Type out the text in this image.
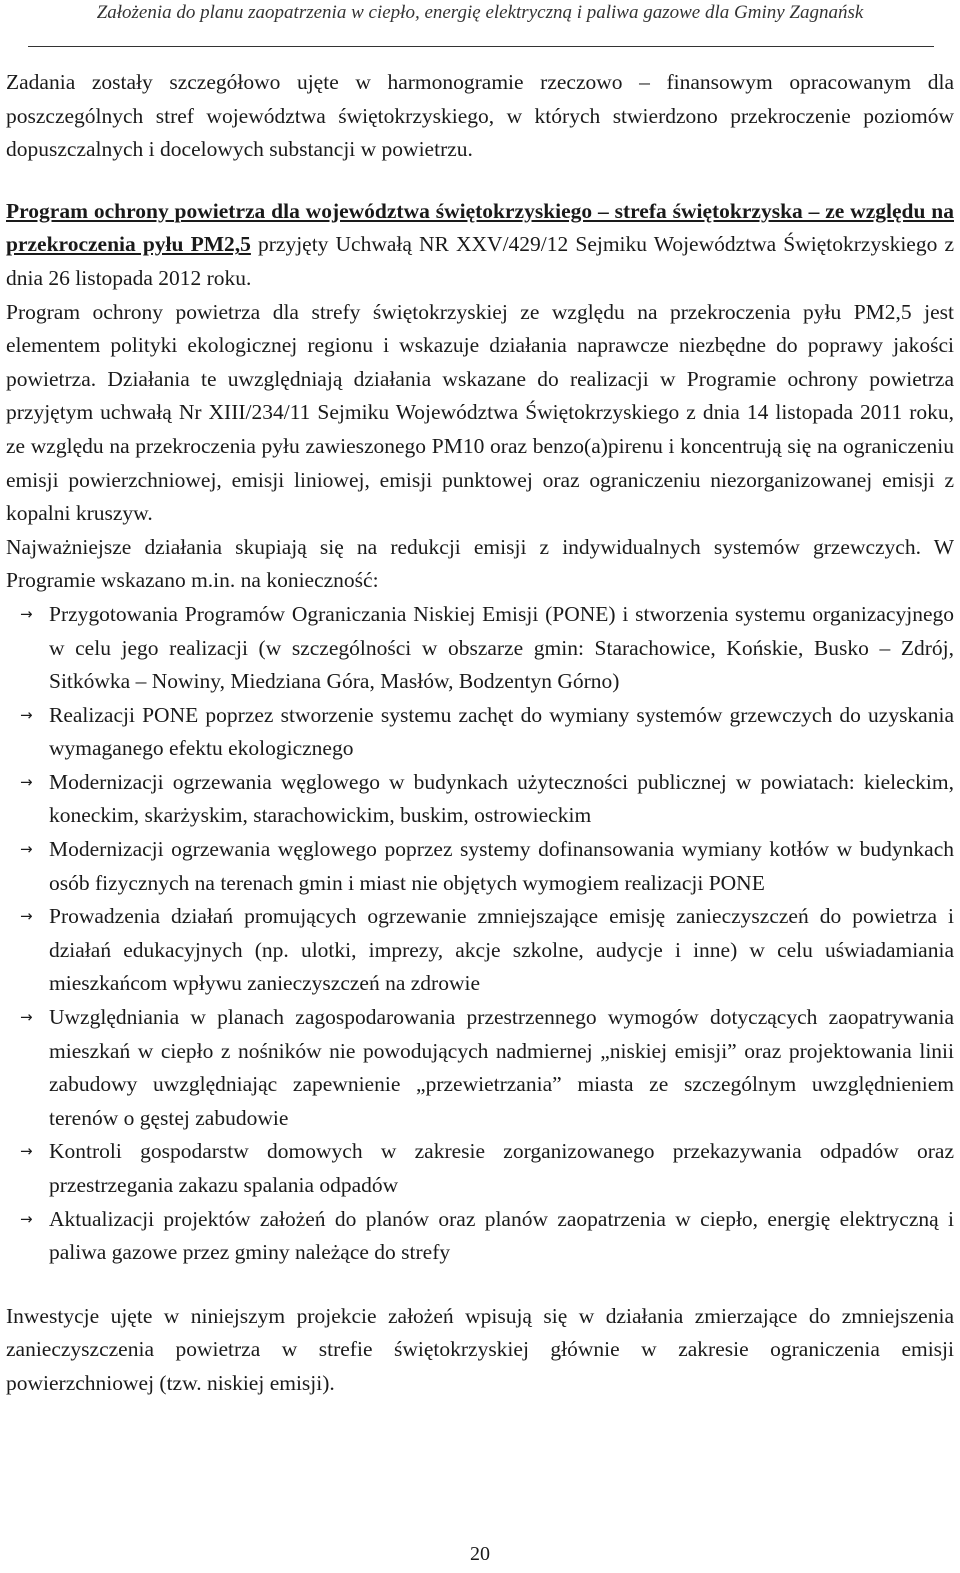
Założenia do planu zaopatrzenia w ciepło, energię elektryczną i paliwa gazowe dla Gminy Zagnańsk

Zadania zostały szczegółowo ujęte w harmonogramie rzeczowo – finansowym opracowanym dla poszczególnych stref województwa świętokrzyskiego, w których stwierdzono przekroczenie poziomów dopuszczalnych i docelowych substancji w powietrzu.

Program ochrony powietrza dla województwa świętokrzyskiego – strefa świętokrzyska – ze względu na przekroczenia pyłu PM2,5 przyjęty Uchwałą NR XXV/429/12 Sejmiku Województwa Świętokrzyskiego z dnia 26 listopada 2012 roku.

Program ochrony powietrza dla strefy świętokrzyskiej ze względu na przekroczenia pyłu PM2,5 jest elementem polityki ekologicznej regionu i wskazuje działania naprawcze niezbędne do poprawy jakości powietrza. Działania te uwzględniają działania wskazane do realizacji w Programie ochrony powietrza przyjętym uchwałą Nr XIII/234/11 Sejmiku Województwa Świętokrzyskiego z dnia 14 listopada 2011 roku, ze względu na przekroczenia pyłu zawieszonego PM10 oraz benzo(a)pirenu i koncentrują się na ograniczeniu emisji powierzchniowej, emisji liniowej, emisji punktowej oraz ograniczeniu niezorganizowanej emisji z kopalni kruszyw.

Najważniejsze działania skupiają się na redukcji emisji z indywidualnych systemów grzewczych. W Programie wskazano m.in. na konieczność:

→ Przygotowania Programów Ograniczania Niskiej Emisji (PONE) i stworzenia systemu organizacyjnego w celu jego realizacji (w szczególności w obszarze gmin: Starachowice, Końskie, Busko – Zdrój, Sitkówka – Nowiny, Miedziana Góra, Masłów, Bodzentyn Górno)
→ Realizacji PONE poprzez stworzenie systemu zachęt do wymiany systemów grzewczych do uzyskania wymaganego efektu ekologicznego
→ Modernizacji ogrzewania węglowego w budynkach użyteczności publicznej w powiatach: kieleckim, koneckim, skarżyskim, starachowickim, buskim, ostrowieckim
→ Modernizacji ogrzewania węglowego poprzez systemy dofinansowania wymiany kotłów w budynkach osób fizycznych na terenach gmin i miast nie objętych wymogiem realizacji PONE
→ Prowadzenia działań promujących ogrzewanie zmniejszające emisję zanieczyszczeń do powietrza i działań edukacyjnych (np. ulotki, imprezy, akcje szkolne, audycje i inne) w celu uświadamiania mieszkańcom wpływu zanieczyszczeń na zdrowie
→ Uwzględniania w planach zagospodarowania przestrzennego wymogów dotyczących zaopatrywania mieszkań w ciepło z nośników nie powodujących nadmiernej „niskiej emisji” oraz projektowania linii zabudowy uwzględniając zapewnienie „przewietrzania” miasta ze szczególnym uwzględnieniem terenów o gęstej zabudowie
→ Kontroli gospodarstw domowych w zakresie zorganizowanego przekazywania odpadów oraz przestrzegania zakazu spalania odpadów
→ Aktualizacji projektów założeń do planów oraz planów zaopatrzenia w ciepło, energię elektryczną i paliwa gazowe przez gminy należące do strefy

Inwestycje ujęte w niniejszym projekcie założeń wpisują się w działania zmierzające do zmniejszenia zanieczyszczenia powietrza w strefie świętokrzyskiej głównie w zakresie ograniczenia emisji powierzchniowej (tzw. niskiej emisji).

20
